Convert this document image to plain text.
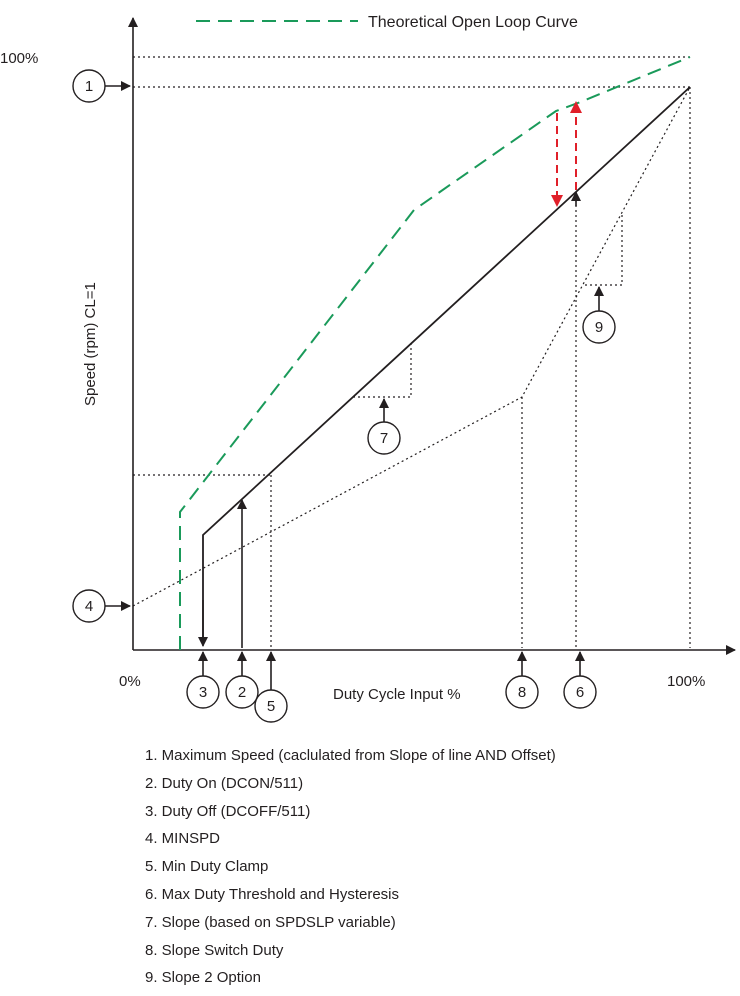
Theoretical Open Loop Curve
100%
0%	100%
Duty Cycle Input %
Speed (rpm) CL=1
1
4
3 2
5
8	6
7
9
1. Maximum Speed (caclulated from Slope of line AND Offset)
2. Duty On (DCON/511)
3. Duty Off (DCOFF/511)
4. MINSPD
5. Min Duty Clamp
6. Max Duty Threshold and Hysteresis
7. Slope (based on SPDSLP variable)
8. Slope Switch Duty
9. Slope 2 Option
